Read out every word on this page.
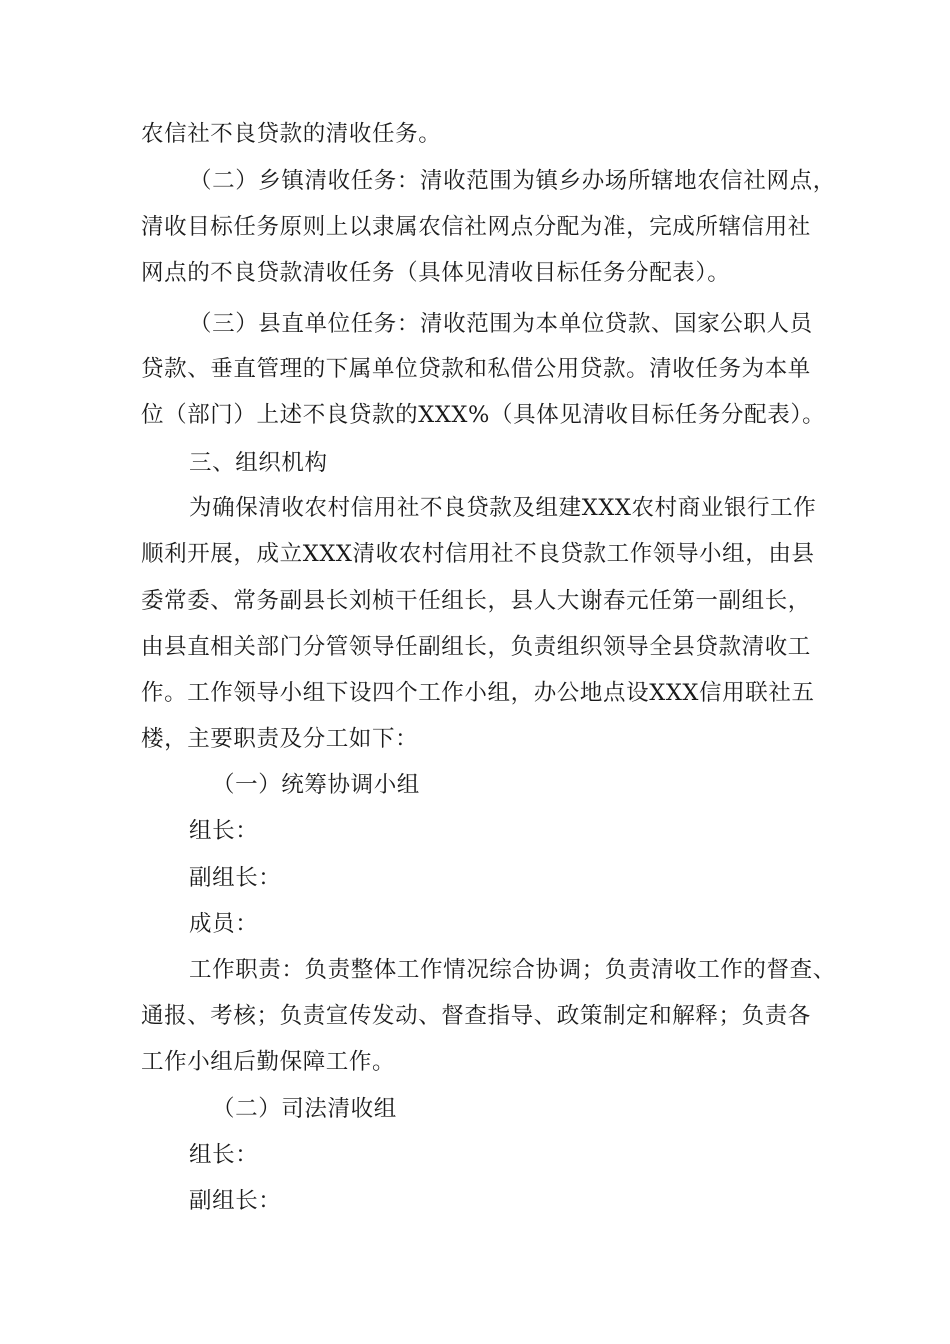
农信社不良贷款的清收任务。
（二）乡镇清收任务：清收范围为镇乡办场所辖地农信社网点，
清收目标任务原则上以隶属农信社网点分配为准，完成所辖信用社
网点的不良贷款清收任务（具体见清收目标任务分配表）。
（三）县直单位任务：清收范围为本单位贷款、国家公职人员
贷款、垂直管理的下属单位贷款和私借公用贷款。清收任务为本单
位（部门）上述不良贷款的XXX%（具体见清收目标任务分配表）。
三、组织机构
为确保清收农村信用社不良贷款及组建XXX农村商业银行工作
顺利开展，成立XXX清收农村信用社不良贷款工作领导小组，由县
委常委、常务副县长刘桢干任组长，县人大谢春元任第一副组长，
由县直相关部门分管领导任副组长，负责组织领导全县贷款清收工
作。工作领导小组下设四个工作小组，办公地点设XXX信用联社五
楼，主要职责及分工如下：
（一）统筹协调小组
组长：
副组长：
成员：
工作职责：负责整体工作情况综合协调；负责清收工作的督查、
通报、考核；负责宣传发动、督查指导、政策制定和解释；负责各
工作小组后勤保障工作。
（二）司法清收组
组长：
副组长：
